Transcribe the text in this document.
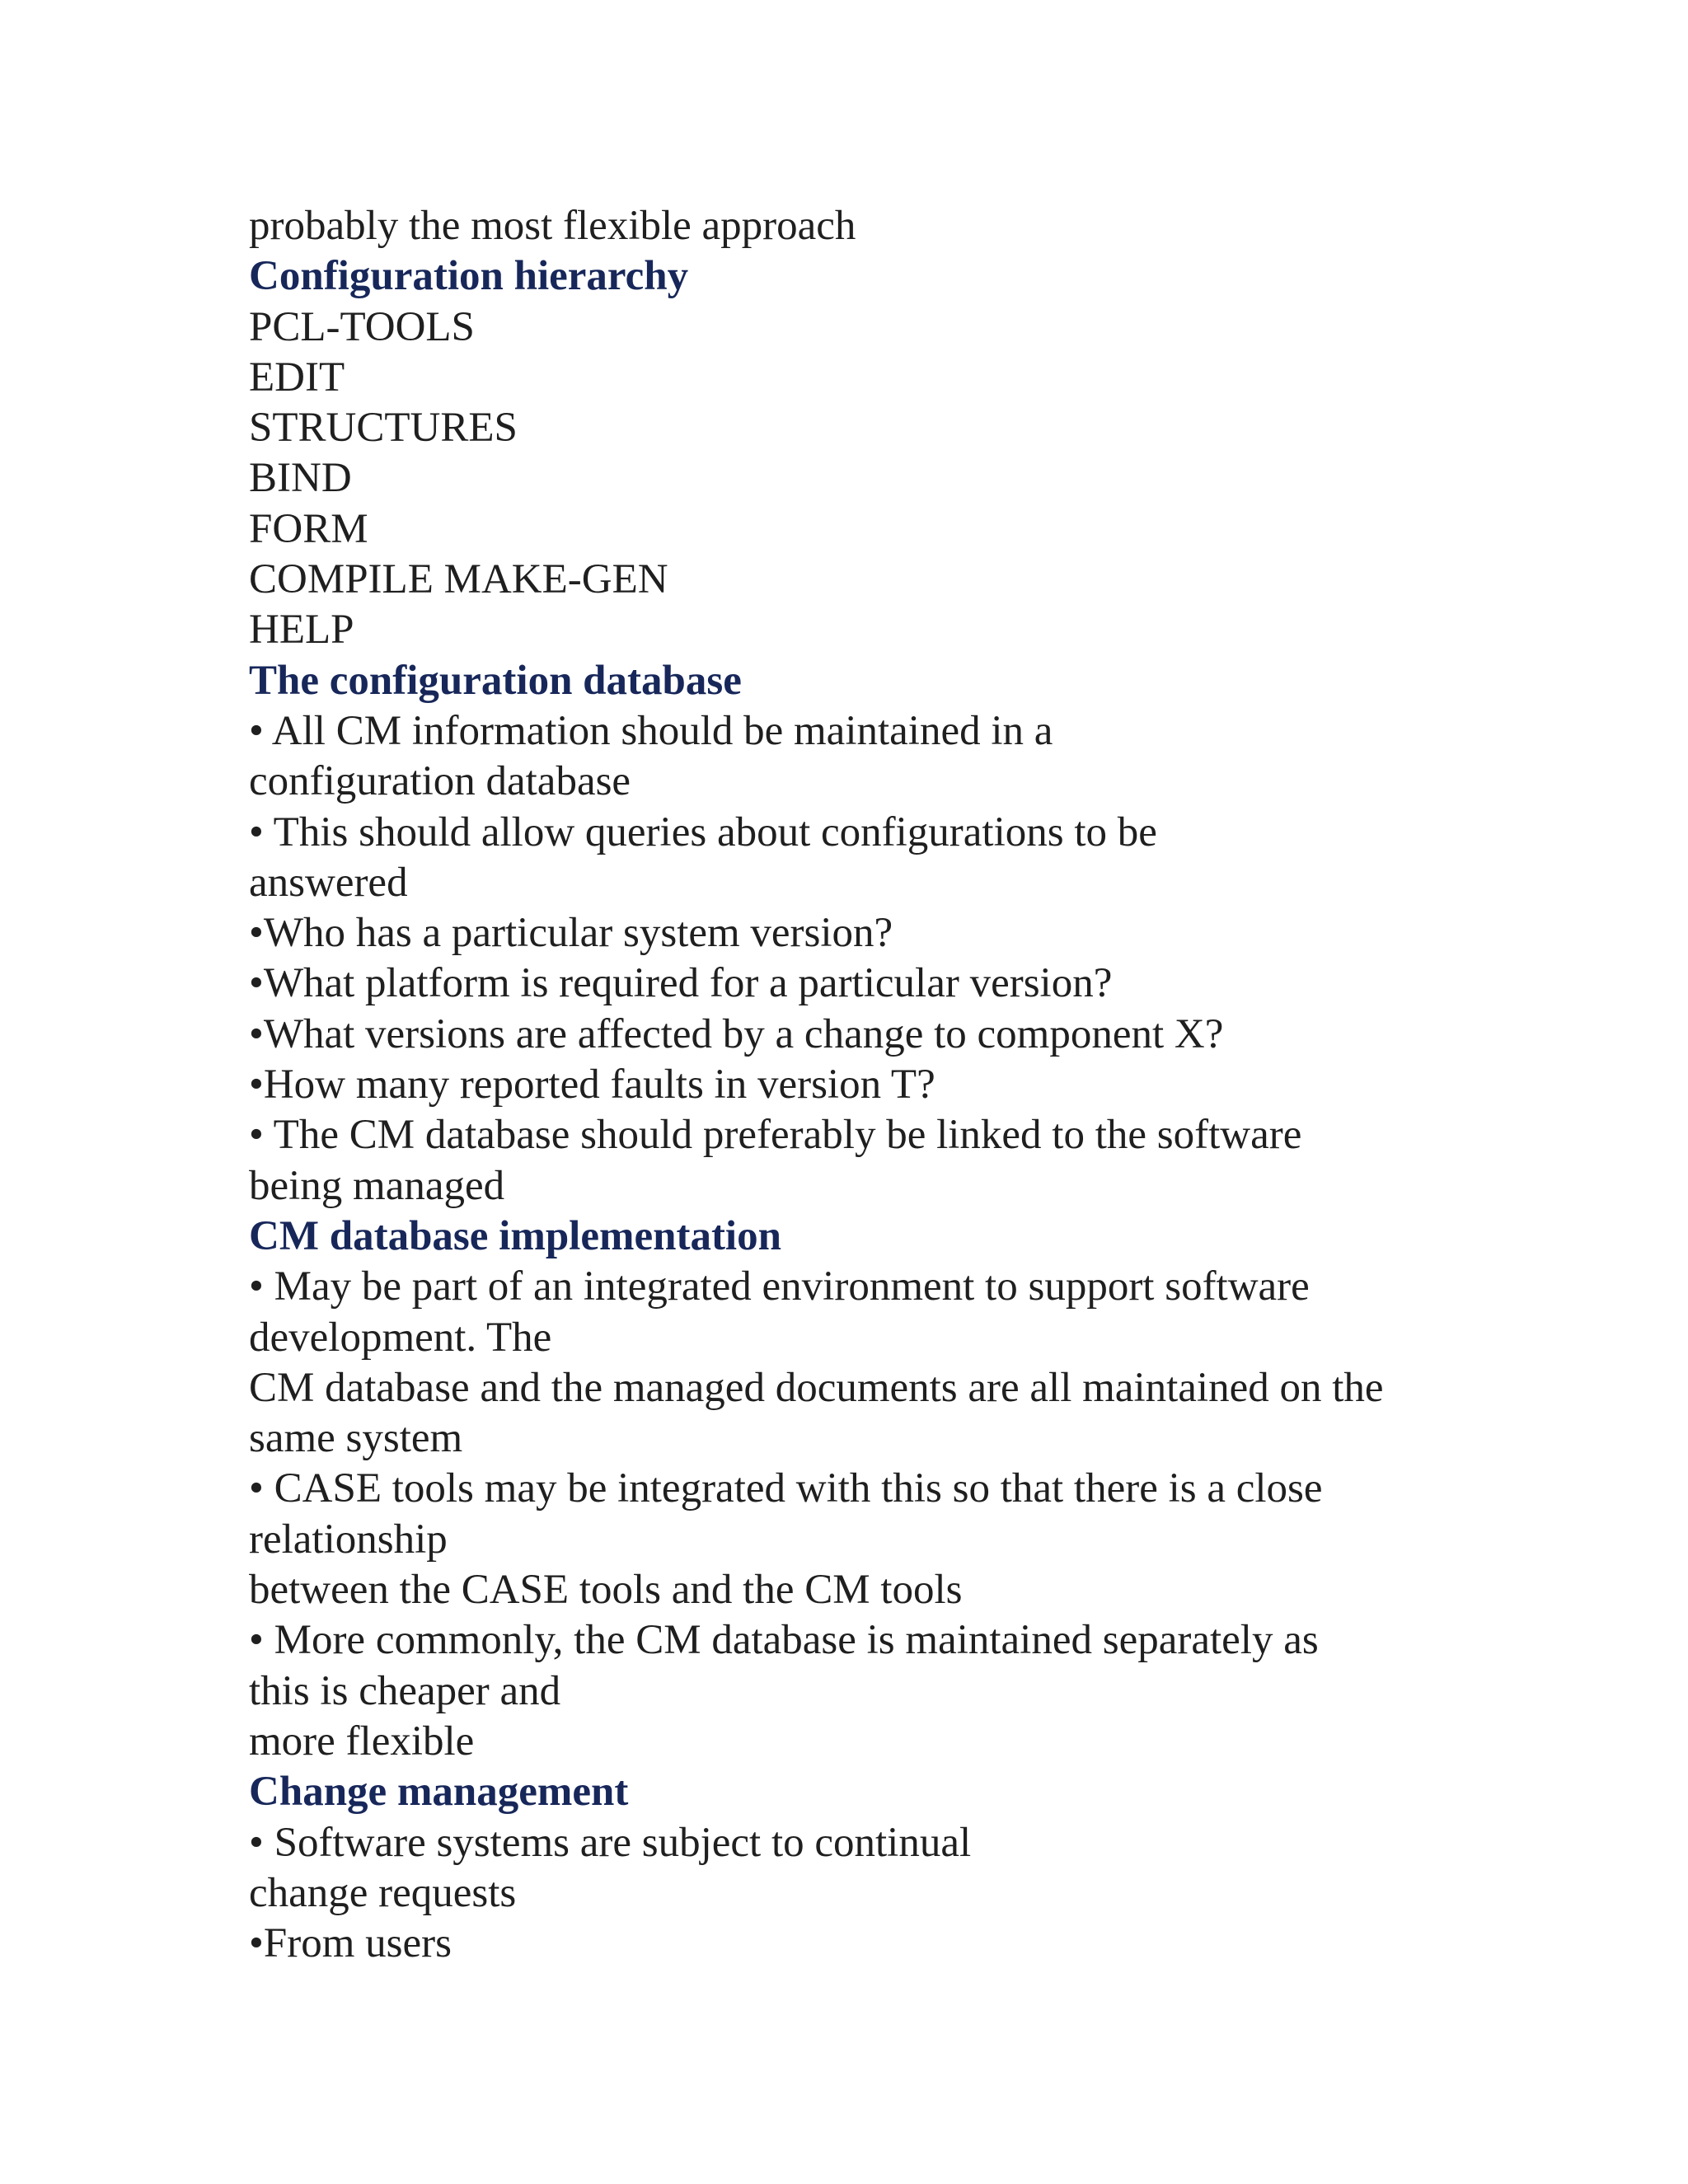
probably the most flexible approach
Configuration hierarchy
PCL-TOOLS
EDIT
STRUCTURES
BIND
FORM
COMPILE MAKE-GEN
HELP
The configuration database
• All CM information should be maintained in a
configuration database
• This should allow queries about configurations to be
answered
•Who has a particular system version?
•What platform is required for a particular version?
•What versions are affected by a change to component X?
•How many reported faults in version T?
• The CM database should preferably be linked to the software
being managed
CM database implementation
• May be part of an integrated environment to support software
development. The
CM database and the managed documents are all maintained on the
same system
• CASE tools may be integrated with this so that there is a close
relationship
between the CASE tools and the CM tools
• More commonly, the CM database is maintained separately as
this is cheaper and
more flexible
Change management
• Software systems are subject to continual
change requests
•From users
